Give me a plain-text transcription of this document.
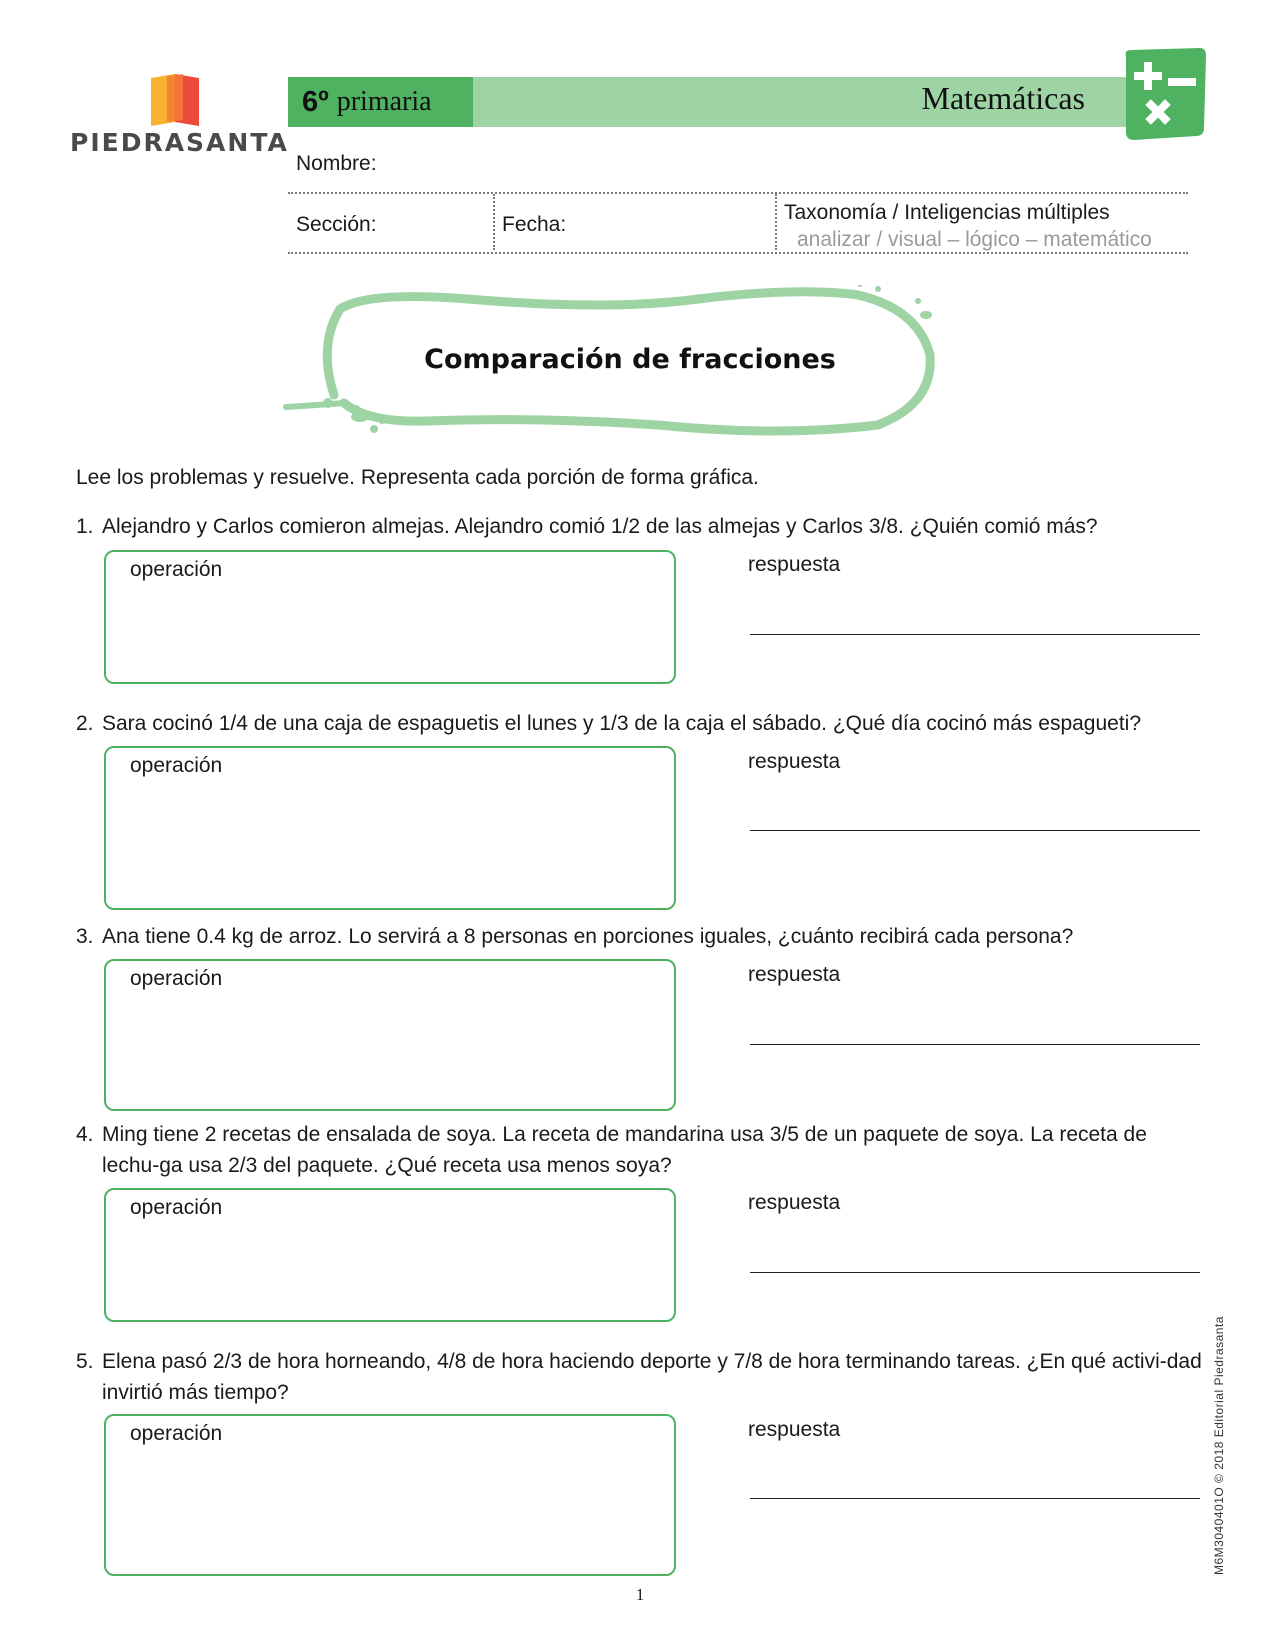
PIEDRASANTA
6º primaria	Matemáticas
Nombre:
Sección:	Fecha:
Taxonomía / Inteligencias múltiples
analizar / visual – lógico – matemático
Comparación de fracciones
Lee los problemas y resuelve. Representa cada porción de forma gráfica.
1. Alejandro y Carlos comieron almejas. Alejandro comió 1/2 de las almejas y Carlos 3/8. ¿Quién comió más?
operación	respuesta
2. Sara cocinó 1/4 de una caja de espaguetis el lunes y 1/3 de la caja el sábado. ¿Qué día cocinó más espagueti?
operación	respuesta
3. Ana tiene 0.4 kg de arroz. Lo servirá a 8 personas en porciones iguales, ¿cuánto recibirá cada persona?
operación	respuesta
4. Ming tiene 2 recetas de ensalada de soya. La receta de mandarina usa 3/5 de un paquete de soya. La receta de lechu-ga usa 2/3 del paquete. ¿Qué receta usa menos soya?
operación	respuesta
5. Elena pasó 2/3 de hora horneando, 4/8 de hora haciendo deporte y 7/8 de hora terminando tareas. ¿En qué activi-dad invirtió más tiempo?
operación	respuesta
1
M6M3040401O © 2018 Editorial Piedrasanta
